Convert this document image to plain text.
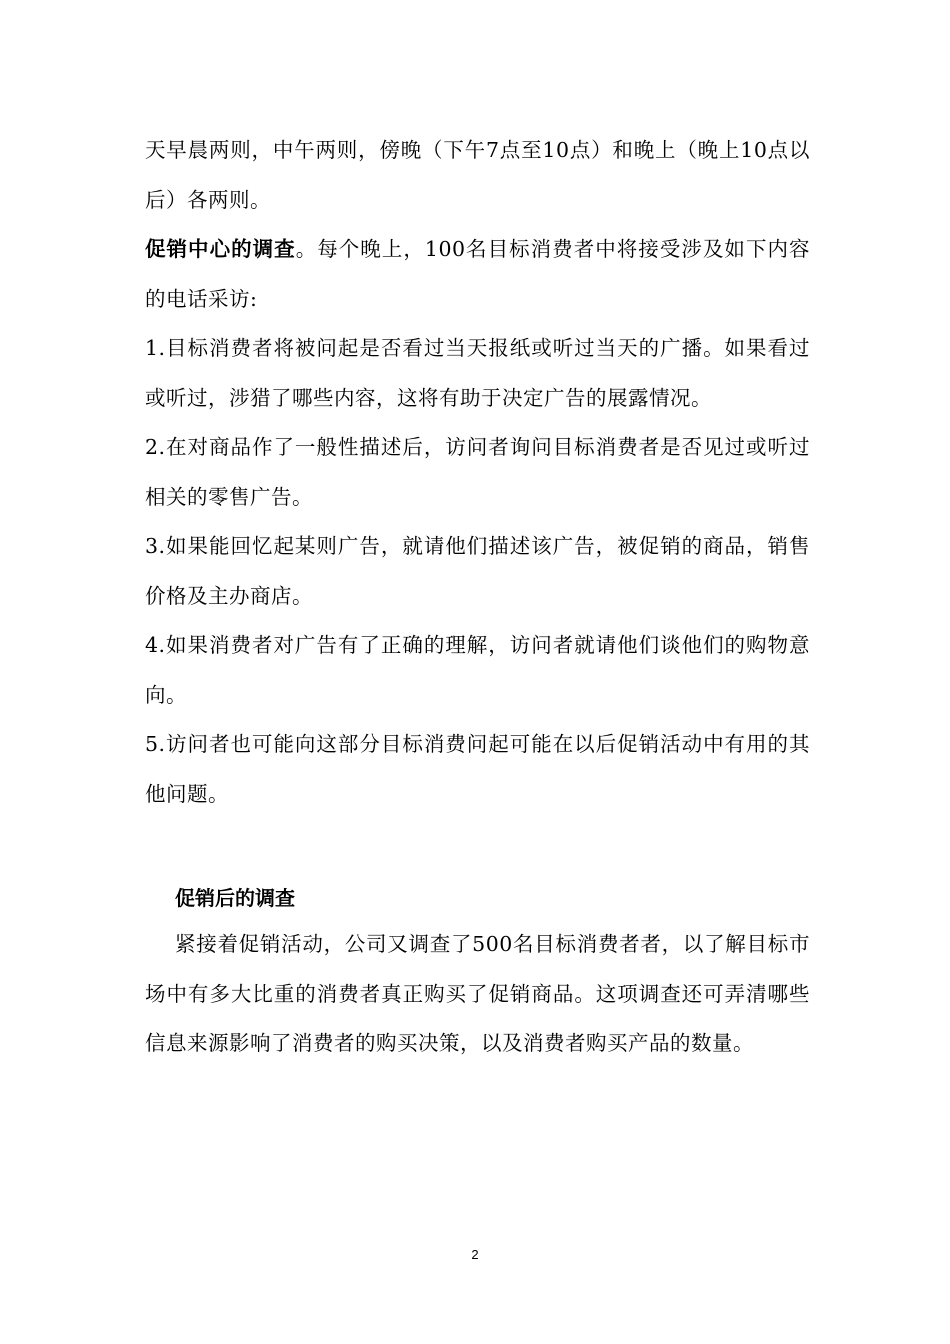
天早晨两则，中午两则，傍晚（下午7点至10点）和晚上（晚上10点以后）各两则。

促销中心的调查。每个晚上，100名目标消费者中将接受涉及如下内容的电话采访:

1.目标消费者将被问起是否看过当天报纸或听过当天的广播。如果看过或听过，涉猎了哪些内容，这将有助于决定广告的展露情况。

2.在对商品作了一般性描述后，访问者询问目标消费者是否见过或听过相关的零售广告。

3.如果能回忆起某则广告，就请他们描述该广告，被促销的商品，销售价格及主办商店。

4.如果消费者对广告有了正确的理解，访问者就请他们谈他们的购物意向。

5.访问者也可能向这部分目标消费问起可能在以后促销活动中有用的其他问题。

促销后的调查

紧接着促销活动，公司又调查了500名目标消费者者，以了解目标市场中有多大比重的消费者真正购买了促销商品。这项调查还可弄清哪些信息来源影响了消费者的购买决策，以及消费者购买产品的数量。

2
